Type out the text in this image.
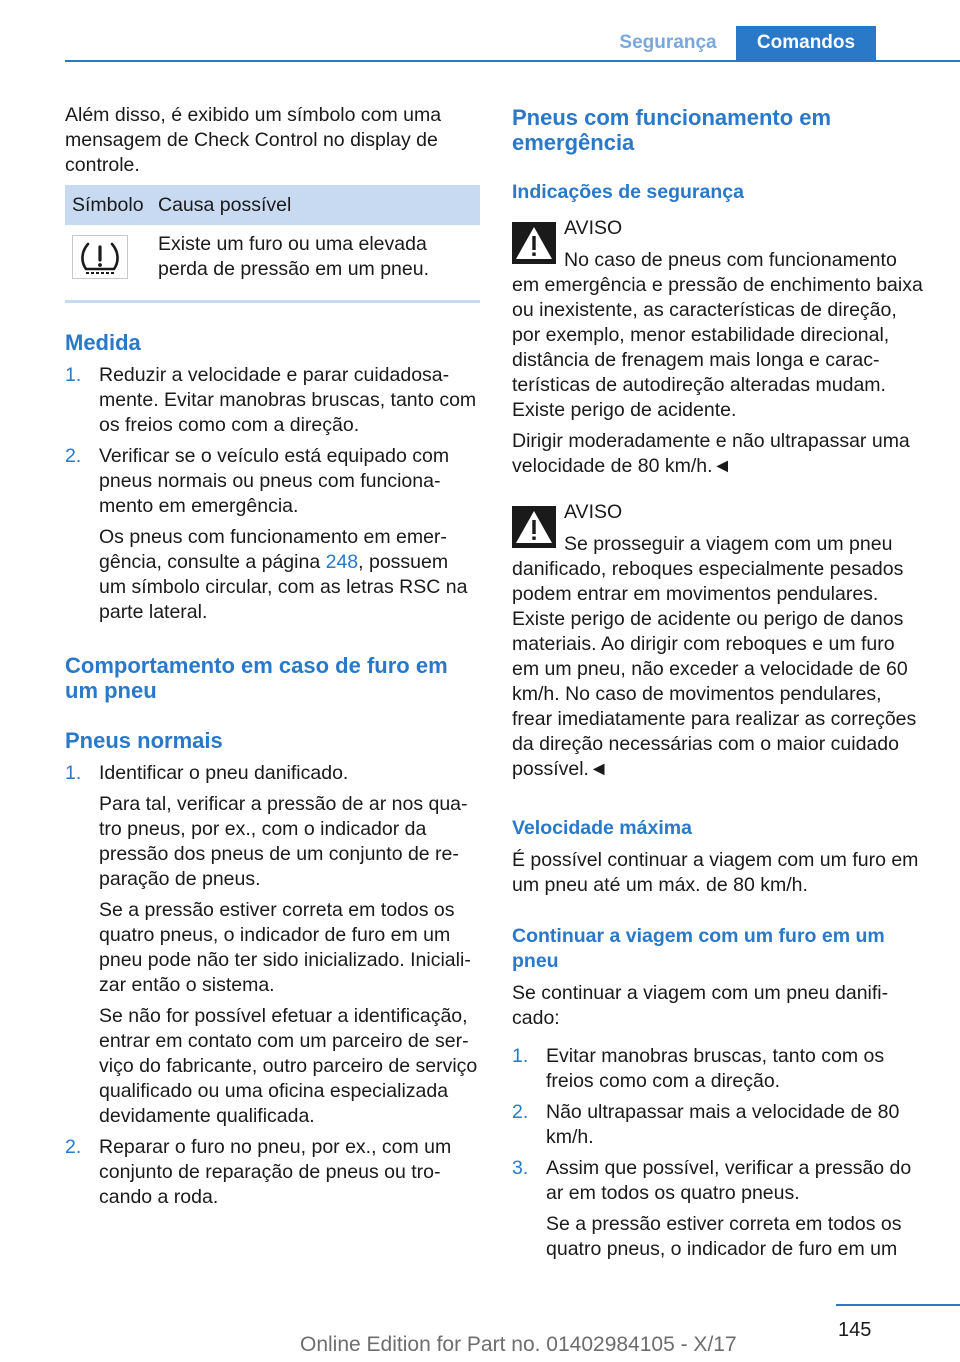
Segurança	Comandos

Além disso, é exibido um símbolo com uma mensagem de Check Control no display de controle.

Símbolo Causa possível
Existe um furo ou uma elevada perda de pressão em um pneu.
Medida
1. Reduzir a velocidade e parar cuidadosamente. Evitar manobras bruscas, tanto com os freios como com a direção.

2. Verificar se o veículo está equipado com pneus normais ou pneus com funcionamento em emergência.

Os pneus com funcionamento em emergência, consulte a página 248, possuem um símbolo circular, com as letras RSC na parte lateral.

Comportamento em caso de furo em um pneu
Pneus normais
1. Identificar o pneu danificado.

Para tal, verificar a pressão de ar nos quatro pneus, por ex., com o indicador da pressão dos pneus de um conjunto de reparação de pneus.

Se a pressão estiver correta em todos os quatro pneus, o indicador de furo em um pneu pode não ter sido inicializado. Inicializar então o sistema.

Se não for possível efetuar a identificação, entrar em contato com um parceiro de serviço do fabricante, outro parceiro de serviço qualificado ou uma oficina especializada devidamente qualificada.

2. Reparar o furo no pneu, por ex., com um conjunto de reparação de pneus ou trocando a roda.

Pneus com funcionamento em emergência
Indicações de segurança

AVISO

No caso de pneus com funcionamento em emergência e pressão de enchimento baixa ou inexistente, as características de direção, por exemplo, menor estabilidade direcional, distância de frenagem mais longa e características de autodireção alteradas mudam. Existe perigo de acidente.

Dirigir moderadamente e não ultrapassar uma velocidade de 80 km/h.◄

AVISO

Se prosseguir a viagem com um pneu danificado, reboques especialmente pesados podem entrar em movimentos pendulares. Existe perigo de acidente ou perigo de danos materiais. Ao dirigir com reboques e um furo em um pneu, não exceder a velocidade de 60 km/h. No caso de movimentos pendulares, frear imediatamente para realizar as correções da direção necessárias com o maior cuidado possível.◄

Velocidade máxima

É possível continuar a viagem com um furo em um pneu até um máx. de 80 km/h.

Continuar a viagem com um furo em um pneu

Se continuar a viagem com um pneu danificado:

1. Evitar manobras bruscas, tanto com os freios como com a direção.

2. Não ultrapassar mais a velocidade de 80 km/h.

3. Assim que possível, verificar a pressão do ar em todos os quatro pneus.

Se a pressão estiver correta em todos os quatro pneus, o indicador de furo em um

145
Online Edition for Part no. 01402984105 - X/17
